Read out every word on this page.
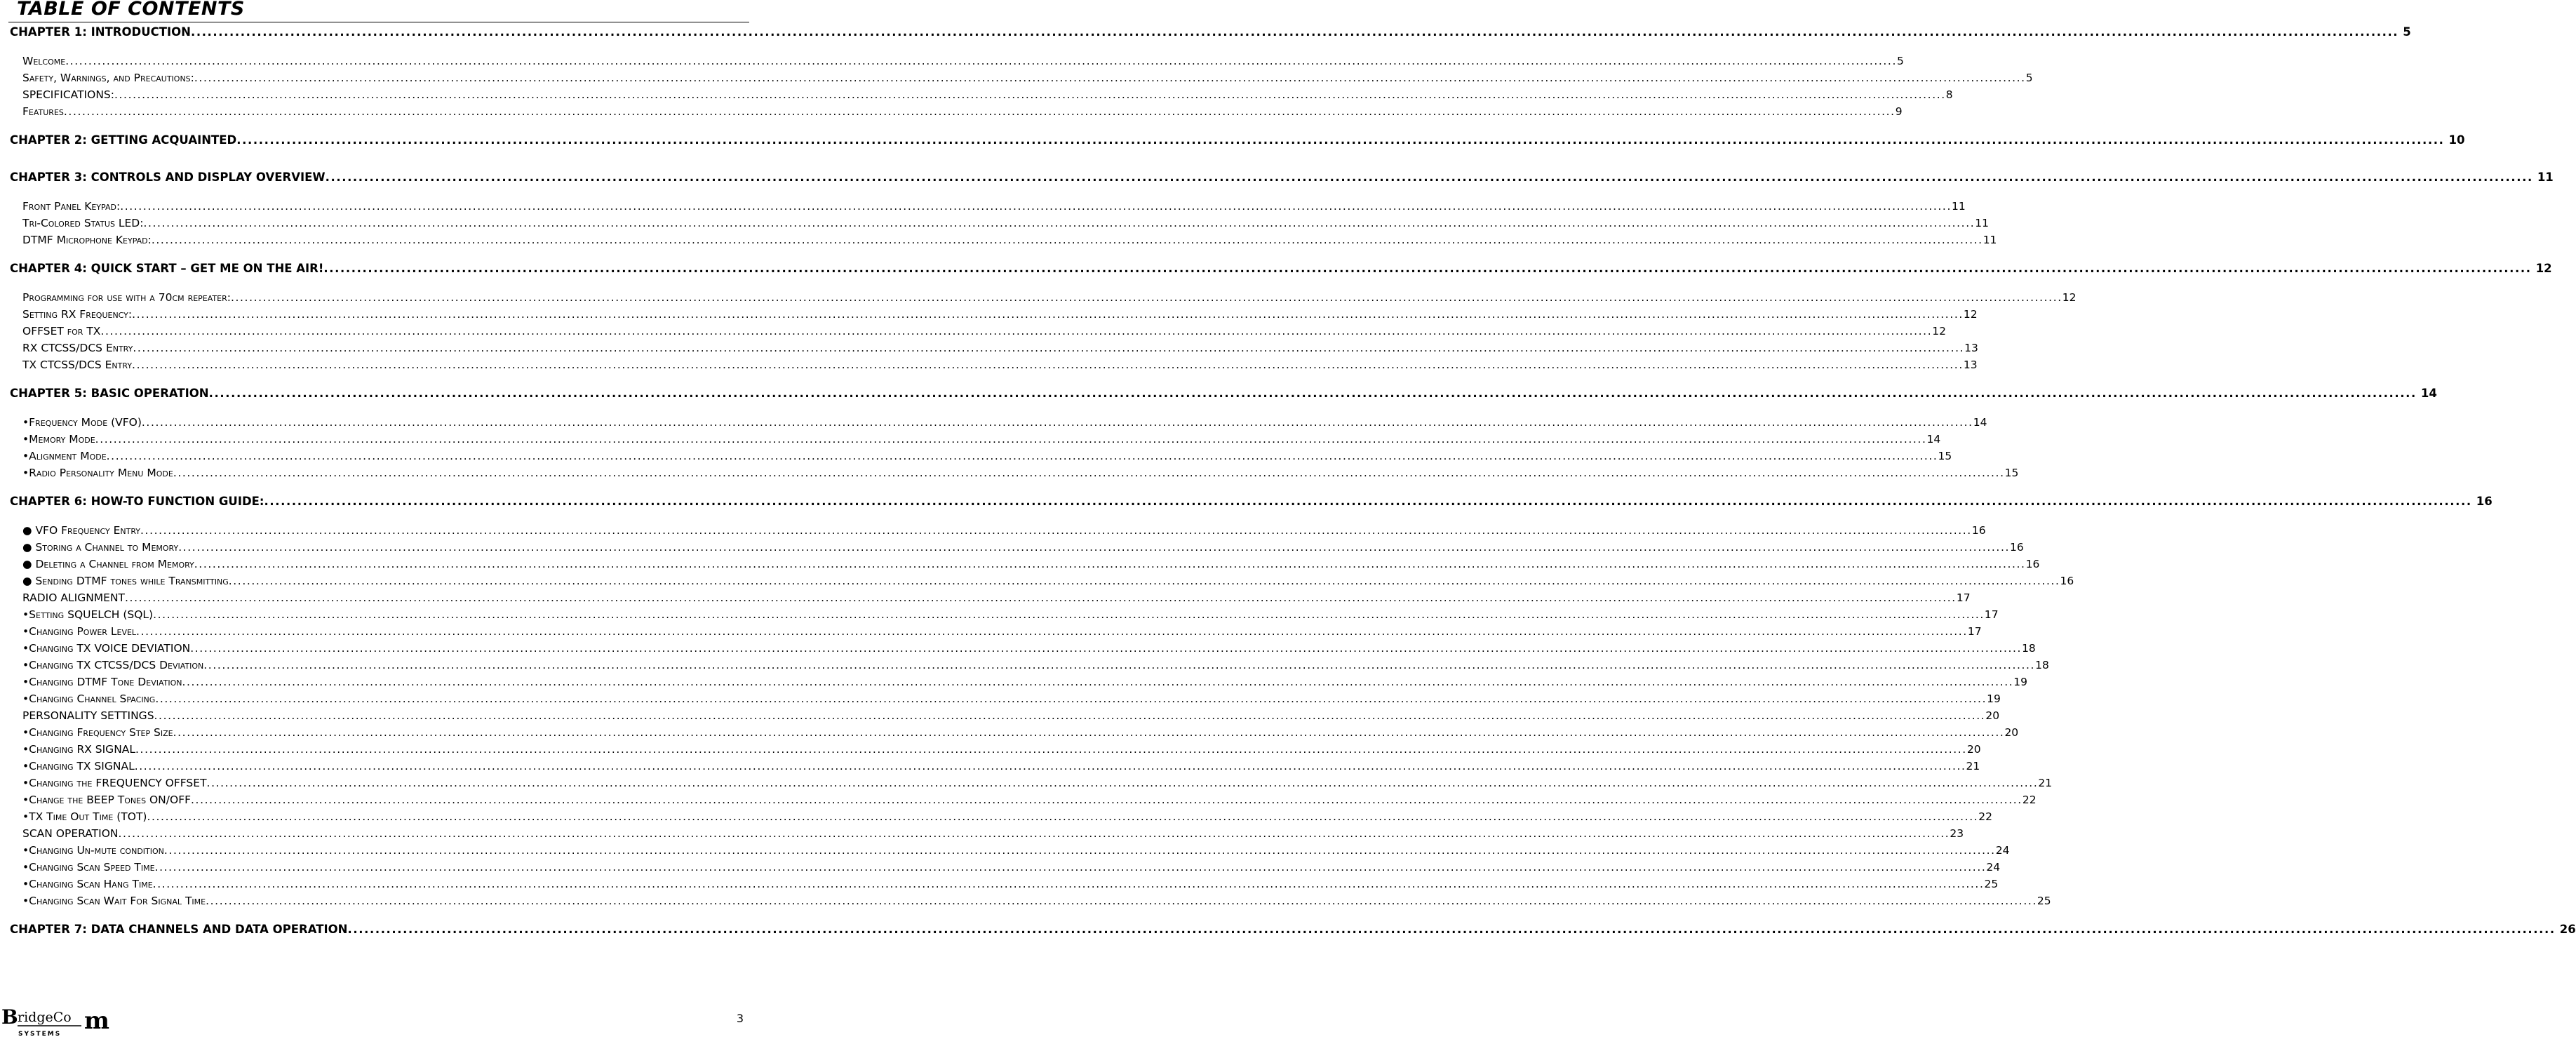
TABLE OF CONTENTS
CHAPTER 1: INTRODUCTION ................................................................................................................................................................................................................................................................................................................................................................................................................ 5
Welcome ................................................................................................................................................................................................................................................................................................................................................................................................................ 5
Safety, Warnings, and Precautions: ................................................................................................................................................................................................................................................................................................................................................................................................................ 5
SPECIFICATIONS: ................................................................................................................................................................................................................................................................................................................................................................................................................ 8
Features ................................................................................................................................................................................................................................................................................................................................................................................................................ 9
CHAPTER 2: GETTING ACQUAINTED ................................................................................................................................................................................................................................................................................................................................................................................................................ 10
CHAPTER 3: CONTROLS AND DISPLAY OVERVIEW ................................................................................................................................................................................................................................................................................................................................................................................................................ 11
Front Panel Keypad: ................................................................................................................................................................................................................................................................................................................................................................................................................ 11
Tri-Colored Status LED: ................................................................................................................................................................................................................................................................................................................................................................................................................ 11
DTMF Microphone Keypad: ................................................................................................................................................................................................................................................................................................................................................................................................................ 11
CHAPTER 4: QUICK START – GET ME ON THE AIR! ................................................................................................................................................................................................................................................................................................................................................................................................................ 12
Programming for use with a 70cm repeater: ................................................................................................................................................................................................................................................................................................................................................................................................................ 12
Setting RX Frequency: ................................................................................................................................................................................................................................................................................................................................................................................................................ 12
OFFSET for TX ................................................................................................................................................................................................................................................................................................................................................................................................................ 12
RX CTCSS/DCS Entry ................................................................................................................................................................................................................................................................................................................................................................................................................ 13
TX CTCSS/DCS Entry ................................................................................................................................................................................................................................................................................................................................................................................................................ 13
CHAPTER 5: BASIC OPERATION ................................................................................................................................................................................................................................................................................................................................................................................................................ 14
• Frequency Mode (VFO) ................................................................................................................................................................................................................................................................................................................................................................................................................ 14
• Memory Mode ................................................................................................................................................................................................................................................................................................................................................................................................................ 14
• Alignment Mode ................................................................................................................................................................................................................................................................................................................................................................................................................ 15
• Radio Personality Menu Mode ................................................................................................................................................................................................................................................................................................................................................................................................................ 15
CHAPTER 6: HOW-TO FUNCTION GUIDE: ................................................................................................................................................................................................................................................................................................................................................................................................................ 16
● VFO Frequency Entry ................................................................................................................................................................................................................................................................................................................................................................................................................ 16
● Storing a Channel to Memory ................................................................................................................................................................................................................................................................................................................................................................................................................ 16
● Deleting a Channel from Memory ................................................................................................................................................................................................................................................................................................................................................................................................................ 16
● Sending DTMF tones while Transmitting ................................................................................................................................................................................................................................................................................................................................................................................................................ 16
RADIO ALIGNMENT ................................................................................................................................................................................................................................................................................................................................................................................................................ 17
• Setting SQUELCH (SQL) ................................................................................................................................................................................................................................................................................................................................................................................................................ 17
• Changing Power Level ................................................................................................................................................................................................................................................................................................................................................................................................................ 17
• Changing TX VOICE DEVIATION ................................................................................................................................................................................................................................................................................................................................................................................................................ 18
• Changing TX CTCSS/DCS Deviation ................................................................................................................................................................................................................................................................................................................................................................................................................ 18
• Changing DTMF Tone Deviation ................................................................................................................................................................................................................................................................................................................................................................................................................ 19
• Changing Channel Spacing ................................................................................................................................................................................................................................................................................................................................................................................................................ 19
PERSONALITY SETTINGS ................................................................................................................................................................................................................................................................................................................................................................................................................ 20
• Changing Frequency Step Size ................................................................................................................................................................................................................................................................................................................................................................................................................ 20
• Changing RX SIGNAL ................................................................................................................................................................................................................................................................................................................................................................................................................ 20
• Changing TX SIGNAL ................................................................................................................................................................................................................................................................................................................................................................................................................ 21
• Changing the FREQUENCY OFFSET ................................................................................................................................................................................................................................................................................................................................................................................................................ 21
• Change the BEEP Tones ON/OFF ................................................................................................................................................................................................................................................................................................................................................................................................................ 22
• TX Time Out Time (TOT) ................................................................................................................................................................................................................................................................................................................................................................................................................ 22
SCAN OPERATION ................................................................................................................................................................................................................................................................................................................................................................................................................ 23
• Changing Un-mute condition ................................................................................................................................................................................................................................................................................................................................................................................................................ 24
• Changing Scan Speed Time ................................................................................................................................................................................................................................................................................................................................................................................................................ 24
• Changing Scan Hang Time ................................................................................................................................................................................................................................................................................................................................................................................................................ 25
• Changing Scan Wait For Signal Time ................................................................................................................................................................................................................................................................................................................................................................................................................ 25
CHAPTER 7: DATA CHANNELS AND DATA OPERATION ................................................................................................................................................................................................................................................................................................................................................................................................................ 26
B ridgeCo m
SYSTEMS
3
